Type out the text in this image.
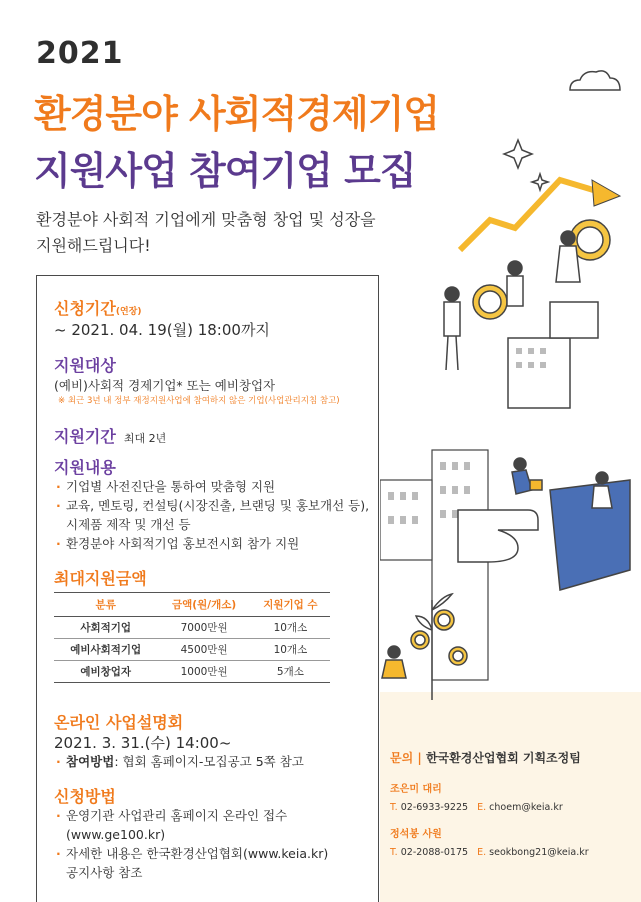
2021
환경분야 사회적경제기업
지원사업 참여기업 모집
환경분야 사회적 기업에게 맞춤형 창업 및 성장을
지원해드립니다!
신청기간(연장)
~ 2021. 04. 19(월) 18:00까지
지원대상
(예비)사회적 경제기업* 또는 예비창업자
※ 최근 3년 내 정부 재정지원사업에 참여하지 않은 기업(사업관리지침 참고)
지원기간 최대 2년
지원내용
· 기업별 사전진단을 통하여 맞춤형 지원
· 교육, 멘토링, 컨설팅(시장진출, 브랜딩 및 홍보개선 등),
시제품 제작 및 개선 등
· 환경분야 사회적기업 홍보전시회 참가 지원
최대지원금액
분류	금액(원/개소)	지원기업 수
사회적기업	7000만원	10개소
예비사회적기업	4500만원	10개소
예비창업자	1000만원	5개소
온라인 사업설명회
2021. 3. 31.(수) 14:00~
· 참여방법: 협회 홈페이지-모집공고 5쪽 참고
신청방법
· 운영기관 사업관리 홈페이지 온라인 접수
(www.ge100.kr)
· 자세한 내용은 한국환경산업협회(www.keia.kr)
공지사항 참조
문의 | 한국환경산업협회 기획조정팀
조은미 대리
T. 02-6933-9225 E. choem@keia.kr
정석봉 사원
T. 02-2088-0175 E. seokbong21@keia.kr
